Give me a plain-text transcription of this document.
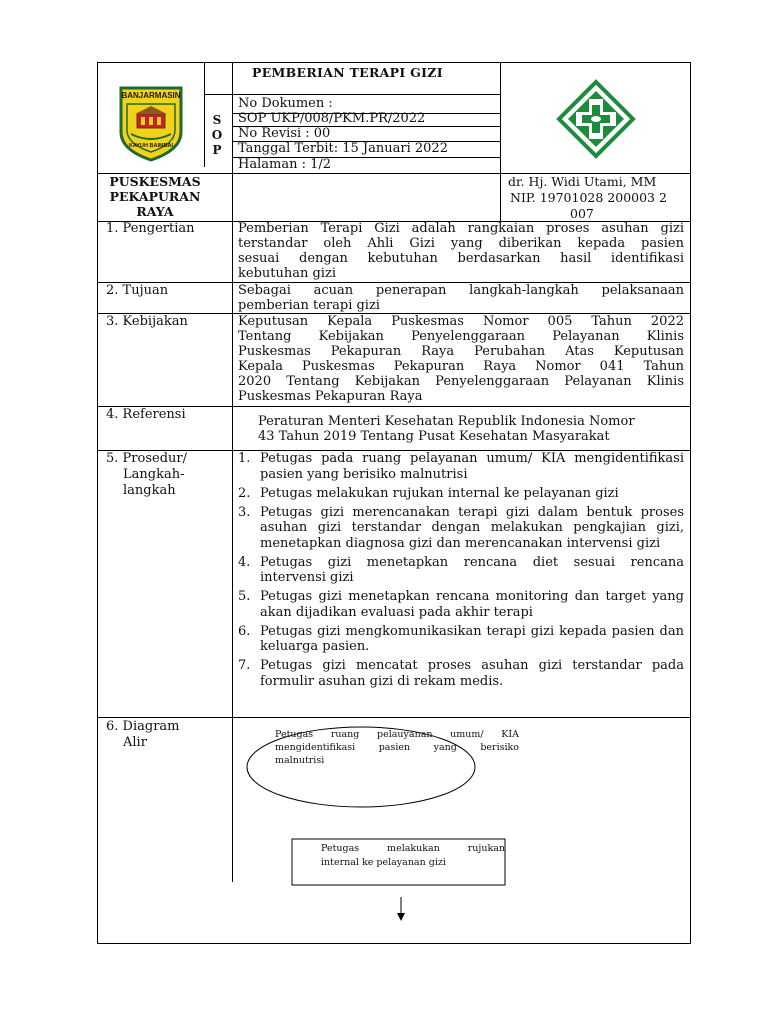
BANJARMASIN
KAYUH BAIMBAI
PEMBERIAN TERAPI GIZI
S
O
P
No Dokumen :
SOP UKP/008/PKM.PR/2022
No Revisi : 00
Tanggal Terbit: 15 Januari 2022
Halaman : 1/2
PUSKESMAS
PEKAPURAN
RAYA
dr. Hj. Widi Utami, MM
NIP. 19701028 200003 2
007
1. Pengertian	Pemberian Terapi Gizi adalah rangkaian proses asuhan gizi
terstandar oleh Ahli Gizi yang diberikan kepada pasien
sesuai dengan kebutuhan berdasarkan hasil identifikasi
kebutuhan gizi
2. Tujuan	Sebagai acuan penerapan langkah-langkah pelaksanaan
pemberian terapi gizi
3. Kebijakan	Keputusan Kepala Puskesmas Nomor 005 Tahun 2022
Tentang Kebijakan Penyelenggaraan Pelayanan Klinis
Puskesmas Pekapuran Raya Perubahan Atas Keputusan
Kepala Puskesmas Pekapuran Raya Nomor 041 Tahun
2020 Tentang Kebijakan Penyelenggaraan Pelayanan Klinis
Puskesmas Pekapuran Raya
4. Referensi	Peraturan Menteri Kesehatan Republik Indonesia Nomor
43 Tahun 2019 Tentang Pusat Kesehatan Masyarakat
5. Prosedur/
Langkah-
langkah
1. Petugas pada ruang pelayanan umum/ KIA mengidentifikasi pasien yang berisiko malnutrisi
2. Petugas melakukan rujukan internal ke pelayanan gizi
3. Petugas gizi merencanakan terapi gizi dalam bentuk proses asuhan gizi terstandar dengan melakukan pengkajian gizi, menetapkan diagnosa gizi dan merencanakan intervensi gizi
4. Petugas gizi menetapkan rencana diet sesuai rencana intervensi gizi
5. Petugas gizi menetapkan rencana monitoring dan target yang akan dijadikan evaluasi pada akhir terapi
6. Petugas gizi mengkomunikasikan terapi gizi kepada pasien dan keluarga pasien.
7. Petugas gizi mencatat proses asuhan gizi terstandar pada formulir asuhan gizi di rekam medis.
6. Diagram
Alir
Petugas ruang pelauyanan umum/ KIA
mengidentifikasi pasien yang berisiko
malnutrisi
Petugas melakukan rujukan
internal ke pelayanan gizi
